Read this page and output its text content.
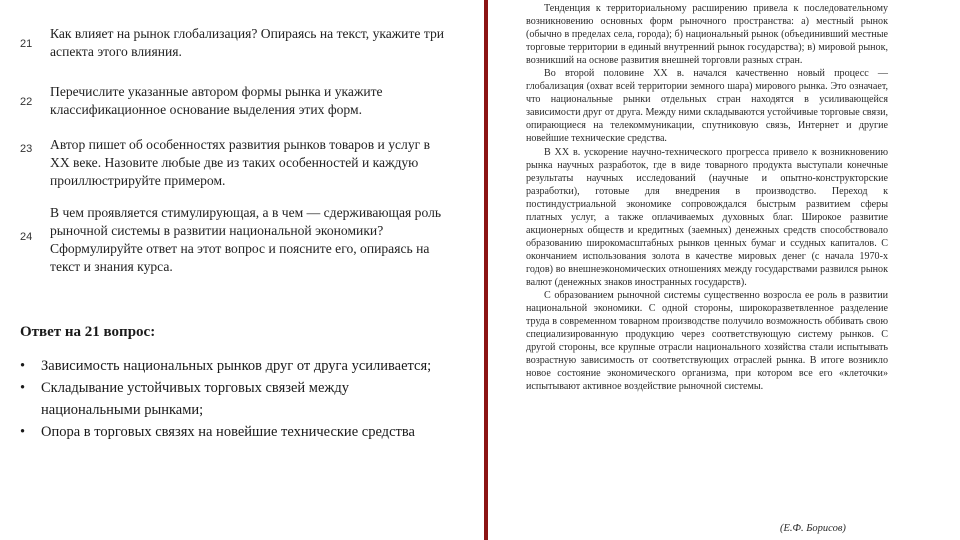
21
Как влияет на рынок глобализация? Опираясь на текст, укажите три аспекта этого влияния.
22
Перечислите указанные автором формы рынка и укажите классификационное основание выделения этих форм.
23 Автор пишет об особенностях развития рынков товаров и услуг в XX веке. Назовите любые две из таких особенностей и каждую проиллюстрируйте примером.
24
В чем проявляется стимулирующая, а в чем — сдерживающая роль рыночной системы в развитии национальной экономики? Сформулируйте ответ на этот вопрос и поясните его, опираясь на текст и знания курса.
Ответ на 21 вопрос:
• Зависимость национальных рынков друг от друга усиливается;
• Складывание устойчивых торговых связей между национальными рынками;
• Опора в торговых связях на новейшие технические средства

Тенденция к территориальному расширению привела к последовательному возникновению основных форм рыночного пространства: а) местный рынок (обычно в пределах села, города); б) национальный рынок (объединивший местные торговые территории в единый внутренний рынок государства); в) мировой рынок, возникший на основе развития внешней торговли разных стран.

Во второй половине XX в. начался качественно новый процесс — глобализация (охват всей территории земного шара) мирового рынка. Это означает, что национальные рынки отдельных стран находятся в усиливающейся зависимости друг от друга. Между ними складываются устойчивые торговые связи, опирающиеся на телекоммуникации, спутниковую связь, Интернет и другие новейшие технические средства.

В XX в. ускорение научно-технического прогресса привело к возникновению рынка научных разработок, где в виде товарного продукта выступали конечные результаты научных исследований (научные и опытно-конструкторские разработки), готовые для внедрения в производство. Переход к постиндустриальной экономике сопровождался быстрым развитием сферы платных услуг, а также оплачиваемых духовных благ. Широкое развитие акционерных обществ и кредитных (заемных) денежных средств способствовало образованию широкомасштабных рынков ценных бумаг и ссудных капиталов. С окончанием использования золота в качестве мировых денег (с начала 1970-х годов) во внешнеэкономических отношениях между государствами развился рынок валют (денежных знаков иностранных государств).

С образованием рыночной системы существенно возросла ее роль в развитии национальной экономики. С одной стороны, широкоразветвленное разделение труда в современном товарном производстве получило возможность оббивать свою специализированную продукцию через соответствующую систему рынков. С другой стороны, все крупные отрасли национального хозяйства стали испытывать возрастную зависимость от соответствующих отраслей рынка. В итоге возникло новое состояние экономического организма, при котором все его «клеточки» испытывают активное воздействие рыночной системы.

(Е.Ф. Борисов)
